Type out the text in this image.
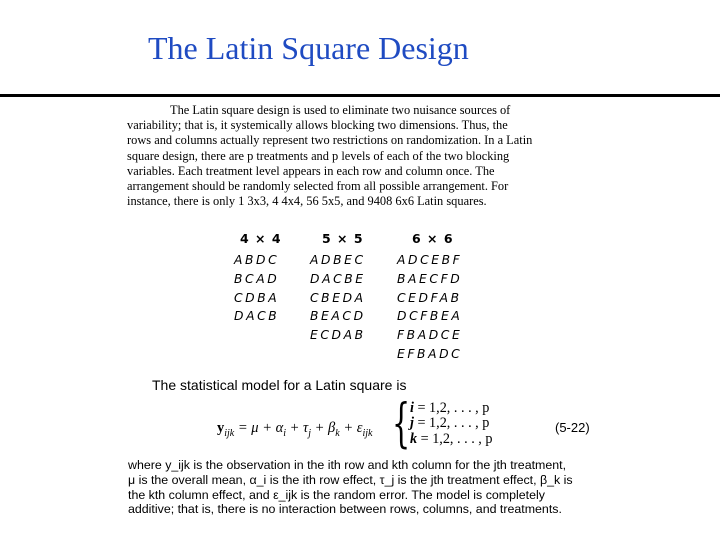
The Latin Square Design
The Latin square design is used to eliminate two nuisance sources of
variability; that is, it systemically allows blocking two dimensions. Thus, the
rows and columns actually represent two restrictions on randomization. In a Latin
square design, there are p treatments and p levels of each of the two blocking
variables. Each treatment level appears in each row and column once. The
arrangement should be randomly selected from all possible arrangement. For
instance, there is only 1 3x3, 4 4x4, 56 5x5, and 9408 6x6 Latin squares.
4 × 4
ABDC
BCAD
CDBA
DACB
5 × 5
ADBEC
DACBE
CBEDA
BEACD
ECDAB
6 × 6
ADCEBF
BAECFD
CEDFAB
DCFBEA
FBADCE
EFBADC
The statistical model for a Latin square is
$y_{ijk} = \mu + \alpha_i + \tau_j + \beta_k + \varepsilon_{ijk}$ { i = 1,2, . . . , p
j = 1,2, . . . , p
k = 1,2, . . . , p
(5-22)
where y_ijk is the observation in the ith row and kth column for the jth treatment,
μ is the overall mean, α_i is the ith row effect, τ_j is the jth treatment effect, β_k is
the kth column effect, and ε_ijk is the random error. The model is completely
additive; that is, there is no interaction between rows, columns, and treatments.
